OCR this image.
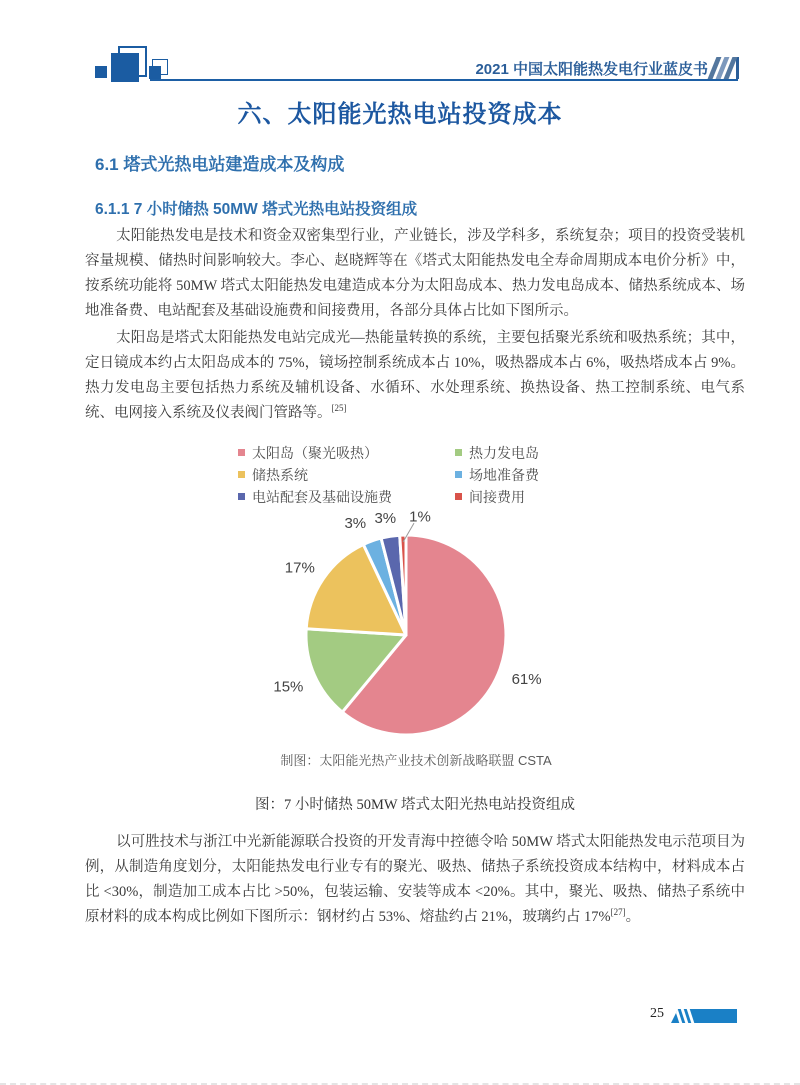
2021 中国太阳能热发电行业蓝皮书
六、太阳能光热电站投资成本
6.1 塔式光热电站建造成本及构成
6.1.1 7 小时储热 50MW 塔式光热电站投资组成

太阳能热发电是技术和资金双密集型行业，产业链长，涉及学科多，系统复杂；项目的投资受装机容量规模、储热时间影响较大。李心、赵晓辉等在《塔式太阳能热发电全寿命周期成本电价分析》中，按系统功能将 50MW 塔式太阳能热发电建造成本分为太阳岛成本、热力发电岛成本、储热系统成本、场地准备费、电站配套及基础设施费和间接费用，各部分具体占比如下图所示。

太阳岛是塔式太阳能热发电站完成光—热能量转换的系统，主要包括聚光系统和吸热系统；其中，定日镜成本约占太阳岛成本的 75%，镜场控制系统成本占 10%，吸热器成本占 6%，吸热塔成本占 9%。热力发电岛主要包括热力系统及辅机设备、水循环、水处理系统、换热设备、热工控制系统、电气系统、电网接入系统及仪表阀门管路等。[25]

太阳岛（聚光吸热）	热力发电岛
储热系统	场地准备费
电站配套及基础设施费	间接费用
61%
15%
17%
3% 3% 1%
制图：太阳能光热产业技术创新战略联盟 CSTA
图：7 小时储热 50MW 塔式太阳光热电站投资组成

以可胜技术与浙江中光新能源联合投资的开发青海中控德令哈 50MW 塔式太阳能热发电示范项目为例，从制造角度划分，太阳能热发电行业专有的聚光、吸热、储热子系统投资成本结构中，材料成本占比 <30%，制造加工成本占比 >50%，包装运输、安装等成本 <20%。其中，聚光、吸热、储热子系统中原材料的成本构成比例如下图所示：钢材约占 53%、熔盐约占 21%，玻璃约占 17%[27]。

25
